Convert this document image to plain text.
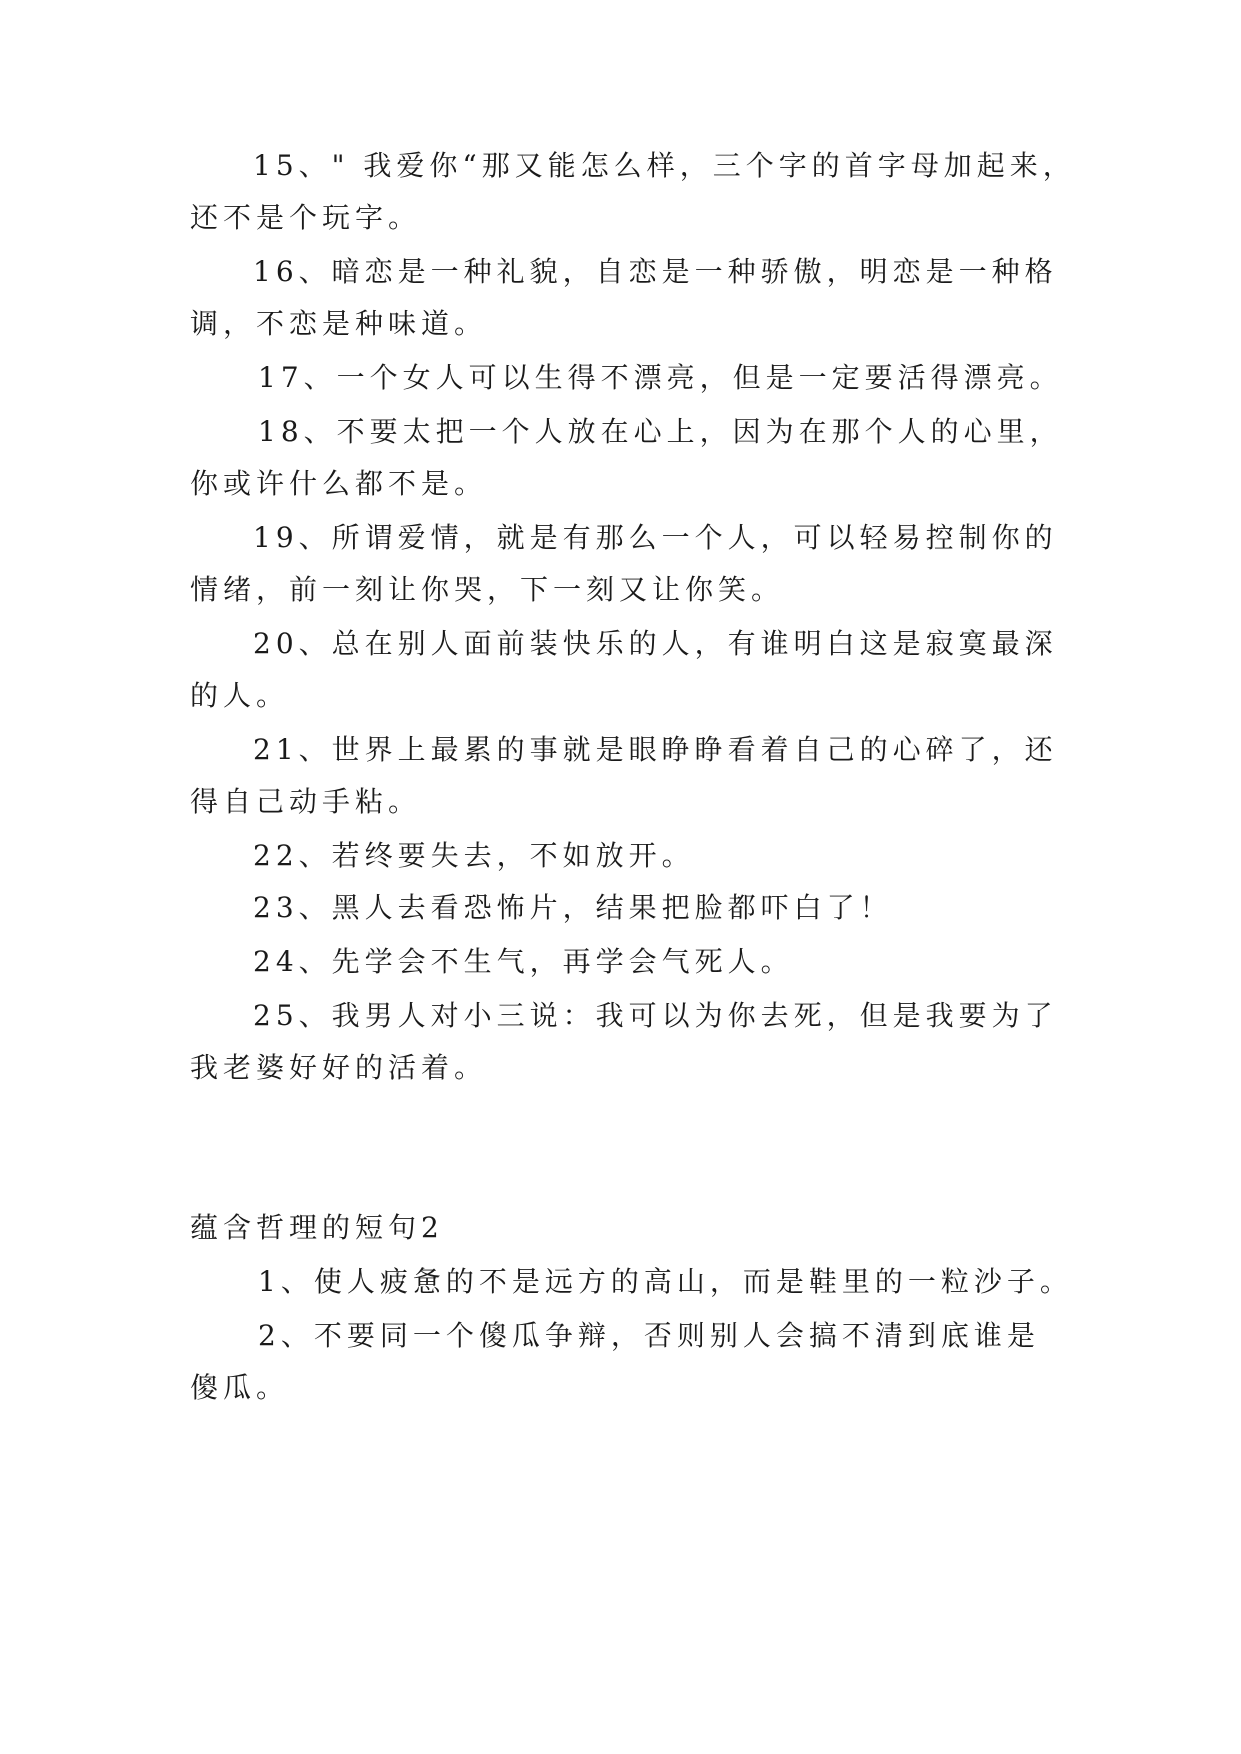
15、" 我爱你“那又能怎么样，三个字的首字母加起来，
还不是个玩字。
16、暗恋是一种礼貌，自恋是一种骄傲，明恋是一种格
调，不恋是种味道。
17、一个女人可以生得不漂亮，但是一定要活得漂亮。
18、不要太把一个人放在心上，因为在那个人的心里，
你或许什么都不是。
19、所谓爱情，就是有那么一个人，可以轻易控制你的
情绪，前一刻让你哭，下一刻又让你笑。
20、总在别人面前装快乐的人，有谁明白这是寂寞最深
的人。
21、世界上最累的事就是眼睁睁看着自己的心碎了，还
得自己动手粘。
22、若终要失去，不如放开。
23、黑人去看恐怖片，结果把脸都吓白了！
24、先学会不生气，再学会气死人。
25、我男人对小三说：我可以为你去死，但是我要为了
我老婆好好的活着。
蕴含哲理的短句2
1、使人疲惫的不是远方的高山，而是鞋里的一粒沙子。
2、不要同一个傻瓜争辩，否则别人会搞不清到底谁是
傻瓜。
